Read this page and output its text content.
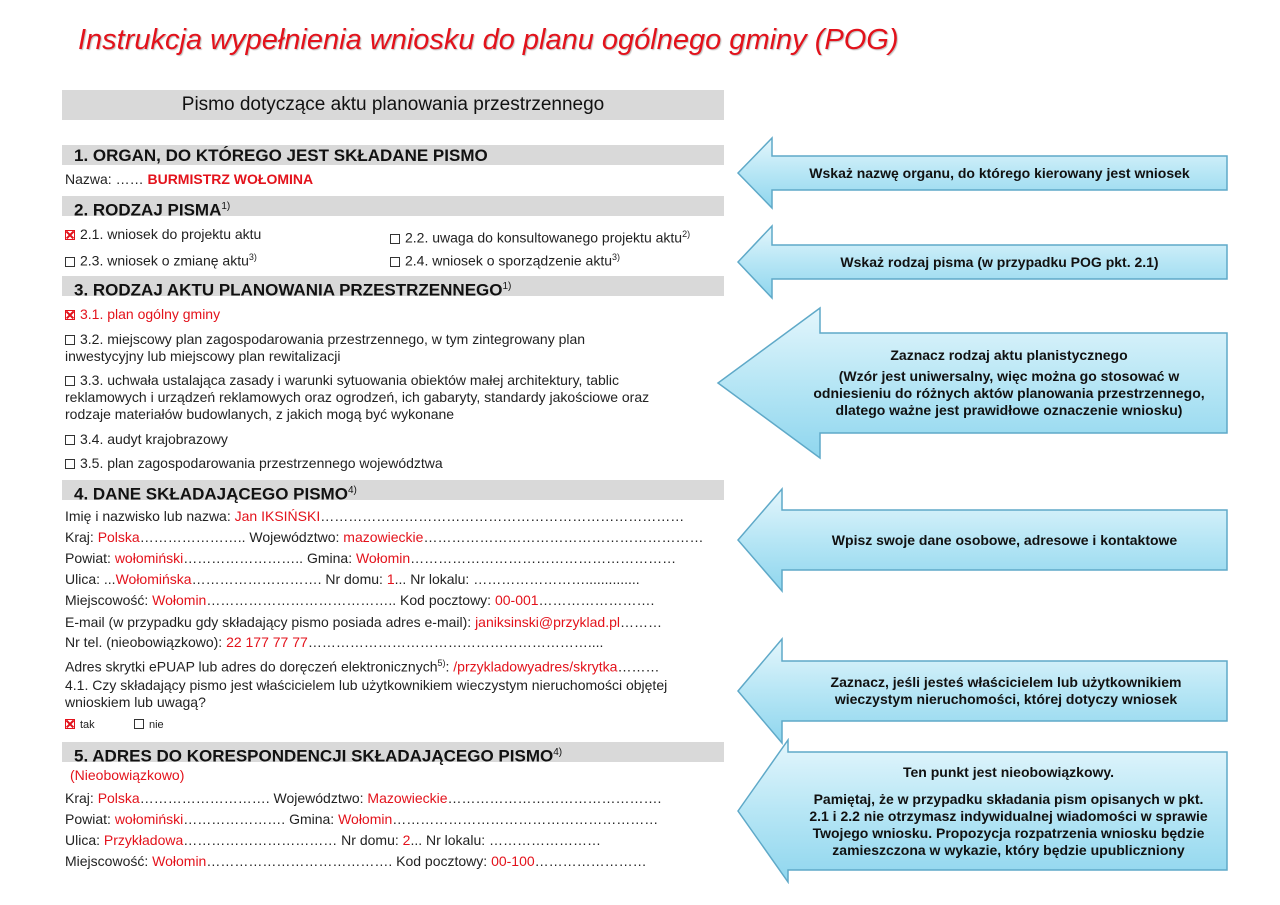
Instrukcja wypełnienia wniosku do planu ogólnego gminy (POG)
Pismo dotyczące aktu planowania przestrzennego
1. ORGAN, DO KTÓREGO JEST SKŁADANE PISMO
Nazwa: …… BURMISTRZ WOŁOMINA
2. RODZAJ PISMA$^{1)}$
2.1. wniosek do projektu aktu	2.2. uwaga do konsultowanego projektu aktu$^{2)}$
2.3. wniosek o zmianę aktu$^{3)}$	2.4. wniosek o sporządzenie aktu$^{3)}$
3. RODZAJ AKTU PLANOWANIA PRZESTRZENNEGO$^{1)}$
3.1. plan ogólny gminy
3.2. miejscowy plan zagospodarowania przestrzennego, w tym zintegrowany plan
inwestycyjny lub miejscowy plan rewitalizacji
3.3. uchwała ustalająca zasady i warunki sytuowania obiektów małej architektury, tablic
reklamowych i urządzeń reklamowych oraz ogrodzeń, ich gabaryty, standardy jakościowe oraz
rodzaje materiałów budowlanych, z jakich mogą być wykonane
3.4. audyt krajobrazowy
3.5. plan zagospodarowania przestrzennego województwa
4. DANE SKŁADAJĄCEGO PISMO$^{4)}$
Imię i nazwisko lub nazwa: Jan IKSIŃSKI……………………………………………………………………
Kraj: Polska………………….. Województwo: mazowieckie……………………………………………………
Powiat: wołomiński…………………….. Gmina: Wołomin…………………………………………………
Ulica: ...Wołomińska………………………. Nr domu: 1... Nr lokalu: ……………………..............
Miejscowość: Wołomin………………………………….. Kod pocztowy: 00-001…………………….
E-mail (w przypadku gdy składający pismo posiada adres e-mail): janiksinski@przyklad.pl………
Nr tel. (nieobowiązkowo): 22 177 77 77……………………………………………………....
Adres skrytki ePUAP lub adres do doręczeń elektronicznych$^{5)}$: /przykladowyadres/skrytka………
4.1. Czy składający pismo jest właścicielem lub użytkownikiem wieczystym nieruchomości objętej
wnioskiem lub uwagą?
tak	nie
5. ADRES DO KORESPONDENCJI SKŁADAJĄCEGO PISMO$^{4)}$
(Nieobowiązkowo)
Kraj: Polska………………………. Województwo: Mazowieckie……………………………………….
Powiat: wołomiński…………………. Gmina: Wołomin…………………………………………………
Ulica: Przykładowa…………………………… Nr domu: 2... Nr lokalu: ……………………
Miejscowość: Wołomin…………………………………. Kod pocztowy: 00-100……………………
Wskaż nazwę organu, do którego kierowany jest wniosek
Wskaż rodzaj pisma (w przypadku POG pkt. 2.1)
Zaznacz rodzaj aktu planistycznego
(Wzór jest uniwersalny, więc można go stosować w odniesieniu do różnych aktów planowania przestrzennego, dlatego ważne jest prawidłowe oznaczenie wniosku)
Wpisz swoje dane osobowe, adresowe i kontaktowe
Zaznacz, jeśli jesteś właścicielem lub użytkownikiem wieczystym nieruchomości, której dotyczy wniosek
Ten punkt jest nieobowiązkowy.
Pamiętaj, że w przypadku składania pism opisanych w pkt. 2.1 i 2.2 nie otrzymasz indywidualnej wiadomości w sprawie Twojego wniosku. Propozycja rozpatrzenia wniosku będzie zamieszczona w wykazie, który będzie upubliczniony
